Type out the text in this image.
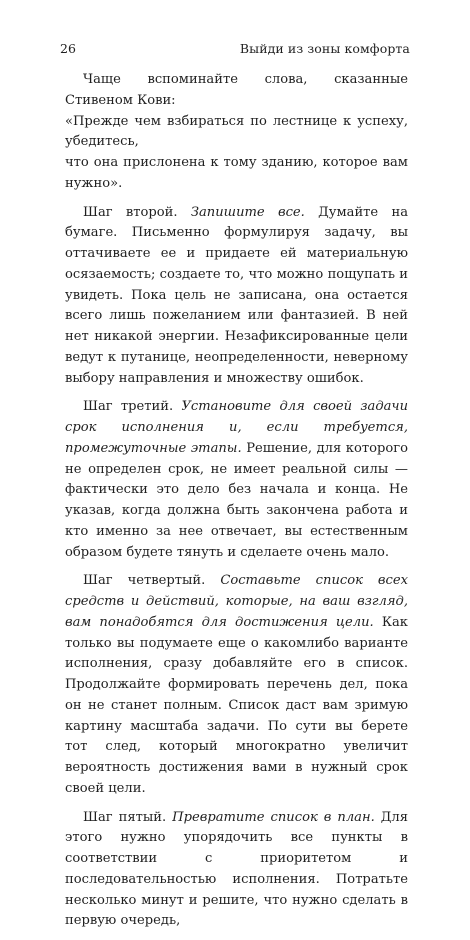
26	Выйди из зоны комфорта

Чаще вспоминайте слова, сказанные Стивеном Кови:
«Прежде чем взбираться по лестнице к успеху, убедитесь,
что она прислонена к тому зданию, которое вам нужно».

Шаг второй. Запишите все. Думайте на бумаге. Письменно формулируя задачу, вы оттачиваете ее и придаете ей материальную осязаемость; создаете то, что можно пощупать и увидеть. Пока цель не записана, она остается всего лишь пожеланием или фантазией. В ней нет никакой энергии. Незафиксированные цели ведут к путанице, неопределенности, неверному выбору направления и множеству ошибок.

Шаг третий. Установите для своей задачи срок исполнения и, если требуется, промежуточные этапы. Решение, для которого не определен срок, не имеет реальной силы — фактически это дело без начала и конца. Не указав, когда должна быть закончена работа и кто именно за нее отвечает, вы естественным образом будете тянуть и сделаете очень мало.

Шаг четвертый. Составьте список всех средств и действий, которые, на ваш взгляд, вам понадобятся для достижения цели. Как только вы подумаете еще о какомлибо варианте исполнения, сразу добавляйте его в список. Продолжайте формировать перечень дел, пока он не станет полным. Список даст вам зримую картину масштаба задачи. По сути вы берете тот след, который многократно увеличит вероятность достижения вами в нужный срок своей цели.

Шаг пятый. Превратите список в план. Для этого нужно упорядочить все пункты в соответствии с приоритетом и последовательностью исполнения. Потратьте несколько минут и решите, что нужно сделать в первую очередь,
